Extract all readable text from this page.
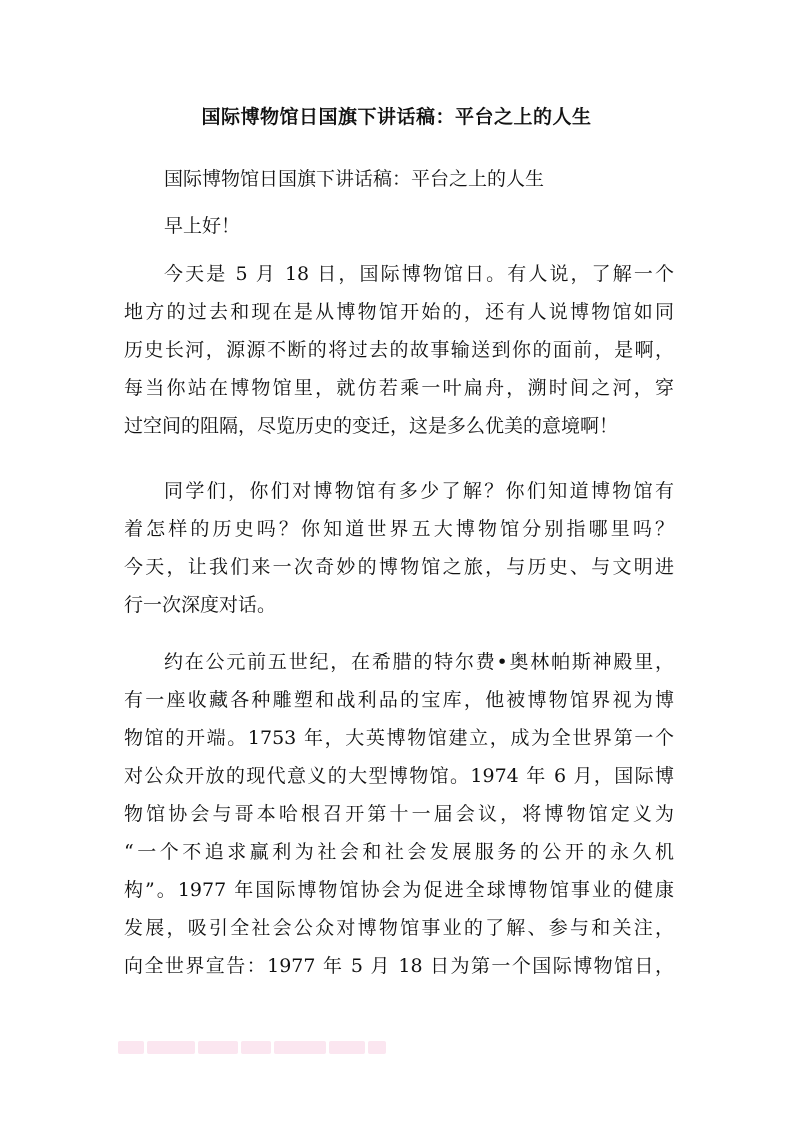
国际博物馆日国旗下讲话稿：平台之上的人生
国际博物馆日国旗下讲话稿：平台之上的人生
早上好！
今天是 5 月 18 日，国际博物馆日。有人说，了解一个
地方的过去和现在是从博物馆开始的，还有人说博物馆如同
历史长河，源源不断的将过去的故事输送到你的面前，是啊，
每当你站在博物馆里，就仿若乘一叶扁舟，溯时间之河，穿
过空间的阻隔，尽览历史的变迁，这是多么优美的意境啊！
同学们，你们对博物馆有多少了解？你们知道博物馆有
着怎样的历史吗？你知道世界五大博物馆分别指哪里吗？
今天，让我们来一次奇妙的博物馆之旅，与历史、与文明进
行一次深度对话。
约在公元前五世纪，在希腊的特尔费•奥林帕斯神殿里，
有一座收藏各种雕塑和战利品的宝库，他被博物馆界视为博
物馆的开端。1753 年，大英博物馆建立，成为全世界第一个
对公众开放的现代意义的大型博物馆。1974 年 6 月，国际博
物馆协会与哥本哈根召开第十一届会议，将博物馆定义为
“一个不追求赢利为社会和社会发展服务的公开的永久机
构”。1977 年国际博物馆协会为促进全球博物馆事业的健康
发展，吸引全社会公众对博物馆事业的了解、参与和关注，
向全世界宣告：1977 年 5 月 18 日为第一个国际博物馆日，
